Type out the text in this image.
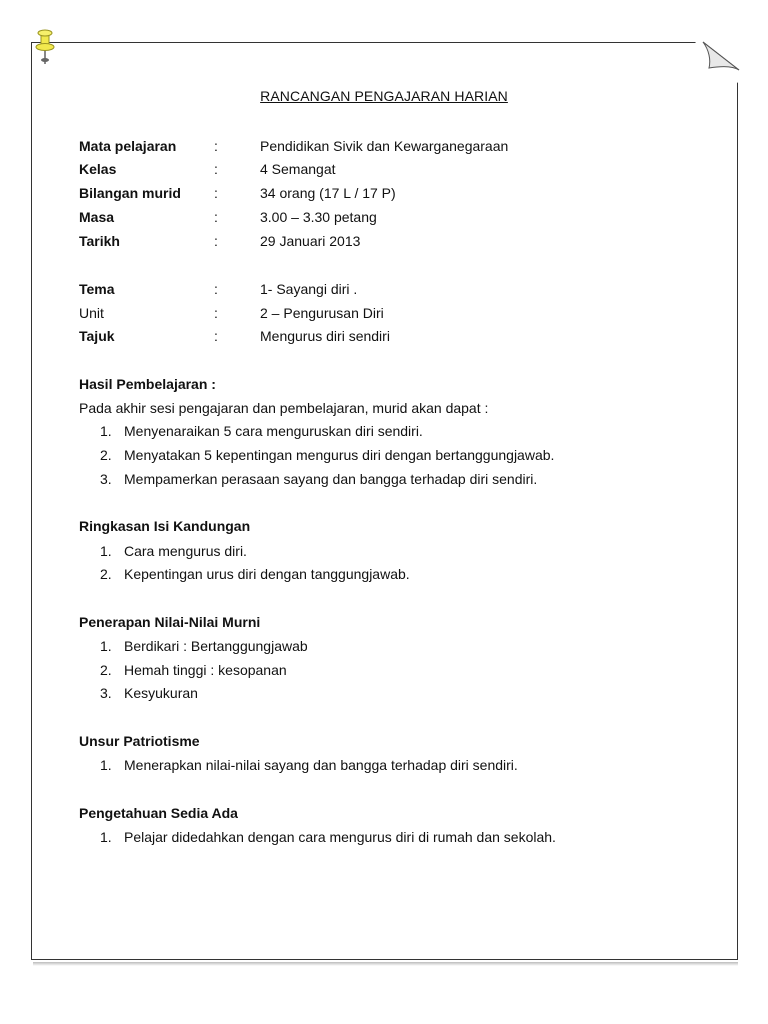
RANCANGAN PENGAJARAN HARIAN
Mata pelajaran	:	Pendidikan Sivik dan Kewarganegaraan
Kelas	:	4 Semangat
Bilangan murid :	34 orang (17 L / 17 P)
Masa	:	3.00 – 3.30 petang
Tarikh	:	29 Januari 2013
Tema	:	1- Sayangi diri .
Unit	:	2 – Pengurusan Diri
Tajuk	:	Mengurus diri sendiri
Hasil Pembelajaran :
Pada akhir sesi pengajaran dan pembelajaran, murid akan dapat :
1. Menyenaraikan 5 cara menguruskan diri sendiri.
2. Menyatakan 5 kepentingan mengurus diri dengan bertanggungjawab.
3. Mempamerkan perasaan sayang dan bangga terhadap diri sendiri.
Ringkasan Isi Kandungan
1. Cara mengurus diri.
2. Kepentingan urus diri dengan tanggungjawab.
Penerapan Nilai-Nilai Murni
1. Berdikari : Bertanggungjawab
2. Hemah tinggi : kesopanan
3. Kesyukuran
Unsur Patriotisme
1. Menerapkan nilai-nilai sayang dan bangga terhadap diri sendiri.
Pengetahuan Sedia Ada
1. Pelajar didedahkan dengan cara mengurus diri di rumah dan sekolah.
